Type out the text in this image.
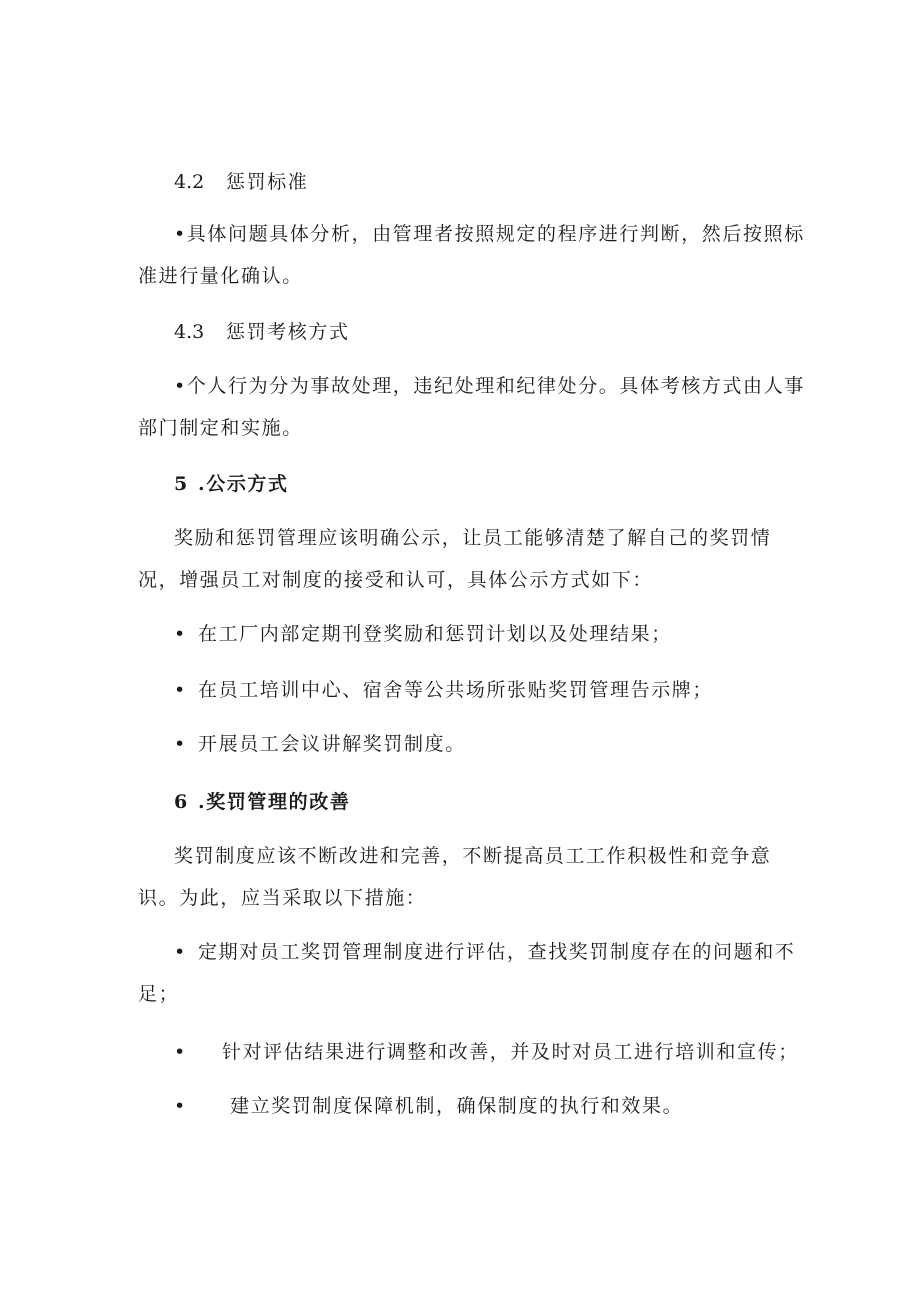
4.2 惩罚标准

•具体问题具体分析，由管理者按照规定的程序进行判断，然后按照标

准进行量化确认。

4.3 惩罚考核方式

•个人行为分为事故处理，违纪处理和纪律处分。具体考核方式由人事

部门制定和实施。

5 .公示方式

奖励和惩罚管理应该明确公示，让员工能够清楚了解自己的奖罚情

况，增强员工对制度的接受和认可，具体公示方式如下：

• 在工厂内部定期刊登奖励和惩罚计划以及处理结果；

• 在员工培训中心、宿舍等公共场所张贴奖罚管理告示牌；

• 开展员工会议讲解奖罚制度。

6 .奖罚管理的改善

奖罚制度应该不断改进和完善，不断提高员工工作积极性和竞争意

识。为此，应当采取以下措施：

• 定期对员工奖罚管理制度进行评估，查找奖罚制度存在的问题和不

足；

• 针对评估结果进行调整和改善，并及时对员工进行培训和宣传；

• 建立奖罚制度保障机制，确保制度的执行和效果。
